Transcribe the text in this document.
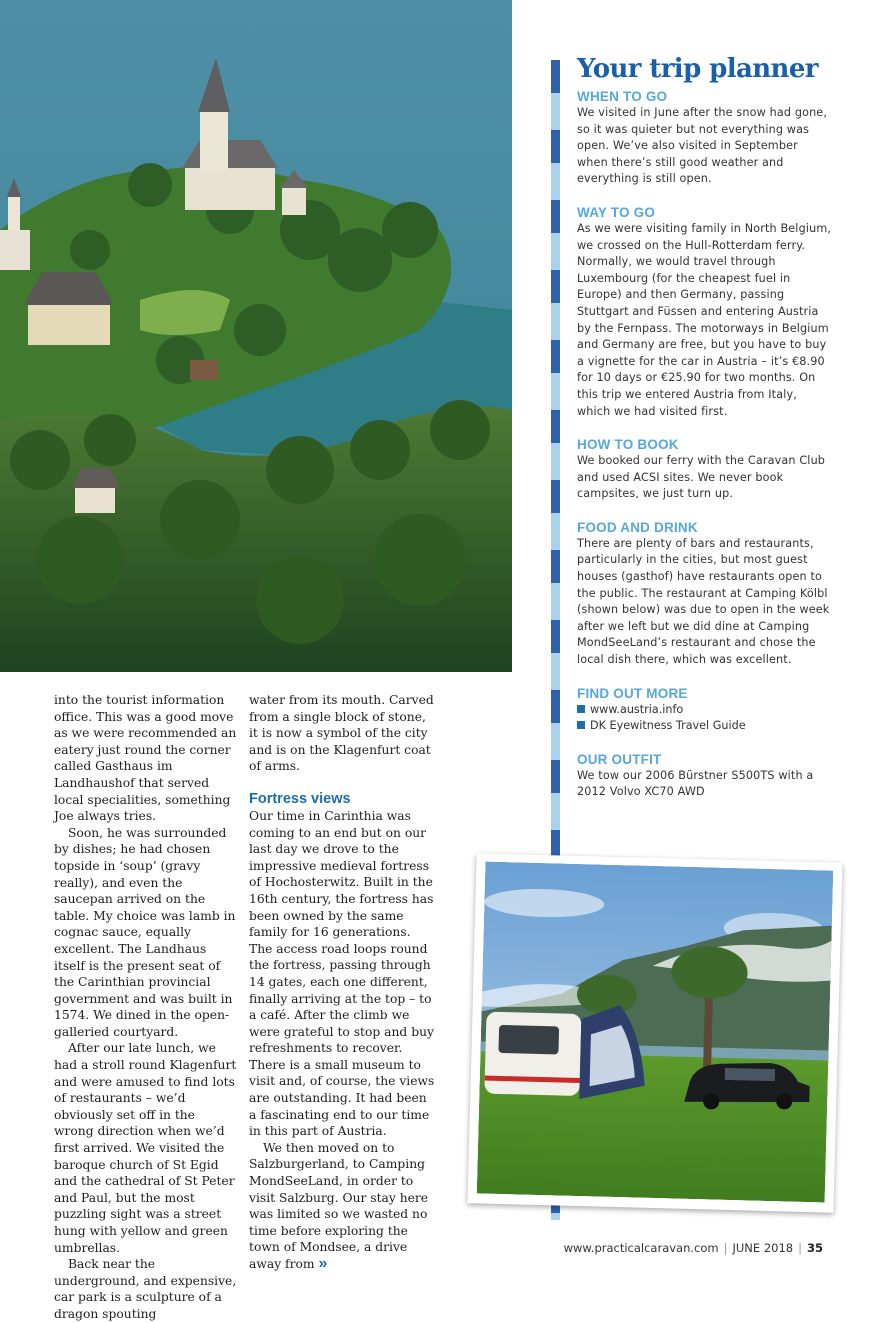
into the tourist information office. This was a good move as we were recommended an eatery just round the corner called Gasthaus im Landhaushof that served local specialities, something Joe always tries.

Soon, he was surrounded by dishes; he had chosen topside in ‘soup’ (gravy really), and even the saucepan arrived on the table. My choice was lamb in cognac sauce, equally excellent. The Landhaus itself is the present seat of the Carinthian provincial government and was built in 1574. We dined in the open-galleried courtyard.

After our late lunch, we had a stroll round Klagenfurt and were amused to find lots of restaurants – we’d obviously set off in the wrong direction when we’d first arrived. We visited the baroque church of St Egid and the cathedral of St Peter and Paul, but the most puzzling sight was a street hung with yellow and green umbrellas.

Back near the underground, and expensive, car park is a sculpture of a dragon spouting

water from its mouth. Carved from a single block of stone, it is now a symbol of the city and is on the Klagenfurt coat of arms.

Fortress views

Our time in Carinthia was coming to an end but on our last day we drove to the impressive medieval fortress of Hochosterwitz. Built in the 16th century, the fortress has been owned by the same family for 16 generations. The access road loops round the fortress, passing through 14 gates, each one different, finally arriving at the top – to a café. After the climb we were grateful to stop and buy refreshments to recover. There is a small museum to visit and, of course, the views are outstanding. It had been a fascinating end to our time in this part of Austria.

We then moved on to Salzburgerland, to Camping MondSeeLand, in order to visit Salzburg. Our stay here was limited so we wasted no time before exploring the town of Mondsee, a drive away from »

Your trip planner
WHEN TO GO

We visited in June after the snow had gone, so it was quieter but not everything was open. We’ve also visited in September when there’s still good weather and everything is still open.

WAY TO GO

As we were visiting family in North Belgium, we crossed on the Hull-Rotterdam ferry. Normally, we would travel through Luxembourg (for the cheapest fuel in Europe) and then Germany, passing Stuttgart and Füssen and entering Austria by the Fernpass. The motorways in Belgium and Germany are free, but you have to buy a vignette for the car in Austria – it’s €8.90 for 10 days or €25.90 for two months. On this trip we entered Austria from Italy, which we had visited first.

HOW TO BOOK

We booked our ferry with the Caravan Club and used ACSI sites. We never book campsites, we just turn up.

FOOD AND DRINK

There are plenty of bars and restaurants, particularly in the cities, but most guest houses (gasthof) have restaurants open to the public. The restaurant at Camping Kölbl (shown below) was due to open in the week after we left but we did dine at Camping MondSeeLand’s restaurant and chose the local dish there, which was excellent.

FIND OUT MORE
www.austria.info
DK Eyewitness Travel Guide
OUR OUTFIT

We tow our 2006 Bürstner S500TS with a 2012 Volvo XC70 AWD

www.practicalcaravan.com | JUNE 2018 | 35
